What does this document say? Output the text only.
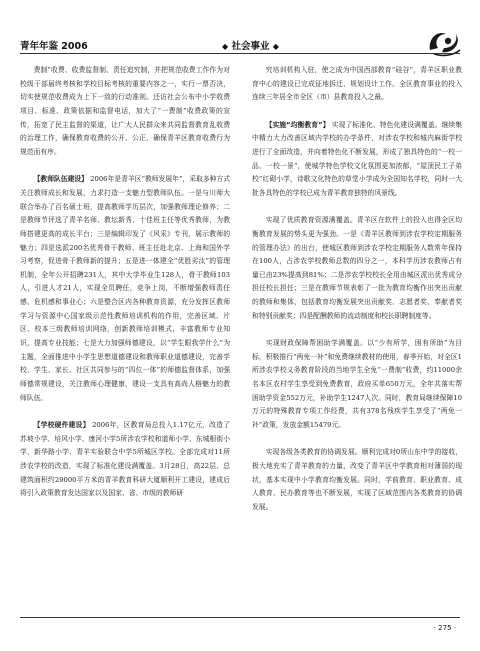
青年年鉴 2006	◆ 社会事业 ◆

费制”收费、收费监督制、责任追究制，并把规范收费工作作为对校级干部届终考核和学校目标考核的重要内容之一，实行一票否决，切实使规范收费成为上下一致的行动准则。还访社会公布中小学收费项目、标准、政策依据和监督电话，加大了“一费制”收费政策的宣传，拓宽了民主监督的渠道，让广大人民群众来共同监督教育乱收费的治理工作，确保教育收费的公开、公正，确保青羊区教育收费行为规范而有序。

【教师队伍建设】 2006年是青羊区“教师发展年”，采取多种方式关注教师成长和发展，力求打造一支魅力型教师队伍。一是与川师大联合举办了百名硕士班，提高教师学历层次，加强教师理论修养；二是教师节评选了青羊名师、教坛新秀、十佳班主任等优秀教师，为教师搭建更高的成长平台；三是编辑印发了《风采》专刊，展示教师的魅力；四是选派200名优秀骨干教师、班主任赴北京、上海和国外学习考察，促进骨干教师新的提升；五是进一体建全“优胜劣汰”的管理机制，全年公开招聘231人，其中大学毕业生128人，骨干教师103人，引进人才21人，实现全员聘任，竞争上岗，不断增强教师责任感、危机感和事业心；六是整合区内各种教育资源，充分发挥区教师学习与资源中心国家级示范性教师培训机构的作用，完善区域、片区、校本三级教师培训网络，创新教师培训模式，丰富教师专业知识，提高专业技能；七是大力加强师德建设，以“学生眼我学什么”为主题，全面推进中小学生思想道德建设和教师职业道德建设，完善学校、学生、家长、社区共同参与的“四位一体”的师德监督体系，加强师德常规建设，关注教师心理健康，建设一支具有高尚人格魅力的教师队伍。

【学校硬件建设】 2006年，区教育局总投入1.17亿元，改造了苏坡小学、培风小学、康河小学5所涉农学校和道师小学、东城根街小学、新华路小学、青羊实验联合中学5所城区学校。全部完成对11所涉农学校的改造，实现了标准化建设满覆盖。3月28日，高22层、总建筑面积约29000平方米的青羊教育科研大厦顺利开工建设，建成后将引入政策教育发达国家以及国家、省、市级的教师研

究培训机构入驻，使之成为中国西部教育“硅谷”，青羊区职业教育中心的建设已完成征地拆迁、规划设计工作。全区教育事业的投入连续三年居全市全区（市）县教育投入之最。

【实施“均衡教育”】 实现了标准化、特色化建设满覆盖。继续集中精力大力改善区域内学校的办学条件，对涉农学校和城内麻街学校进行了全面改造，并向着特色化不断发展，形成了独具特色的“一校一品、一校一景”，使城学特色学校文化氛围更加浓郁，“屋顶民工子弟校”红砌小学，诗歌文化特色的草堂小学成为全国知名学校，同时一大批各具特色的学校已成为青羊教育独特的风景线。

实现了优质教育资源满覆盖。青羊区在软件上的投入也得全区均衡教育发展的势头更为强劲。一是《青羊区教师到涉农学校定期服务的管理办法》的出台，使城区教师到涉农学校定期服务人数常年保持在100人，占涉农学校教师总数的四分之一，本科学历涉农教师占有量已由23%提高到81%；二是涉农学校校长全用由城区派出优秀成分担任校长担任；三是在教师节规表彰了一批为教育均衡作出突出贡献的教师和集体，包括教育均衡发展突出贡献奖、志愿者奖、奉献者奖和特别贡献奖；四是配酬教师的流动制度和校长职聘制度等。

实现财政保障帮困助学满覆盖。以“少有所学，困有所助”为目标，积极推行“两免一补”和免费继续教材的使用，春季开始，对全区1所涉农学校义务教育阶段的当地学生全免“一费制”收费，约11000余名本区农村学生享受到免费教育，政府买单650万元，全年共落实帮困助学资金552万元，补助学生1247人次。同时，教育局继续保障10万元的特殊教育专项工作经费，共有378名残疾学生享受了“两免一补”政策，发放金额15479元。

实现各级各类教育的协调发展。顺利完成对0所山东中学的接收，极大地充实了青羊教育的力量，改变了青羊区中学教育相对薄弱的现状，基本实现中小学教育均衡发展。同时，学前教育、职业教育、成人教育、民办教育等也不断发展，实现了区域范围内各类教育的协调发展。

· 275 ·
